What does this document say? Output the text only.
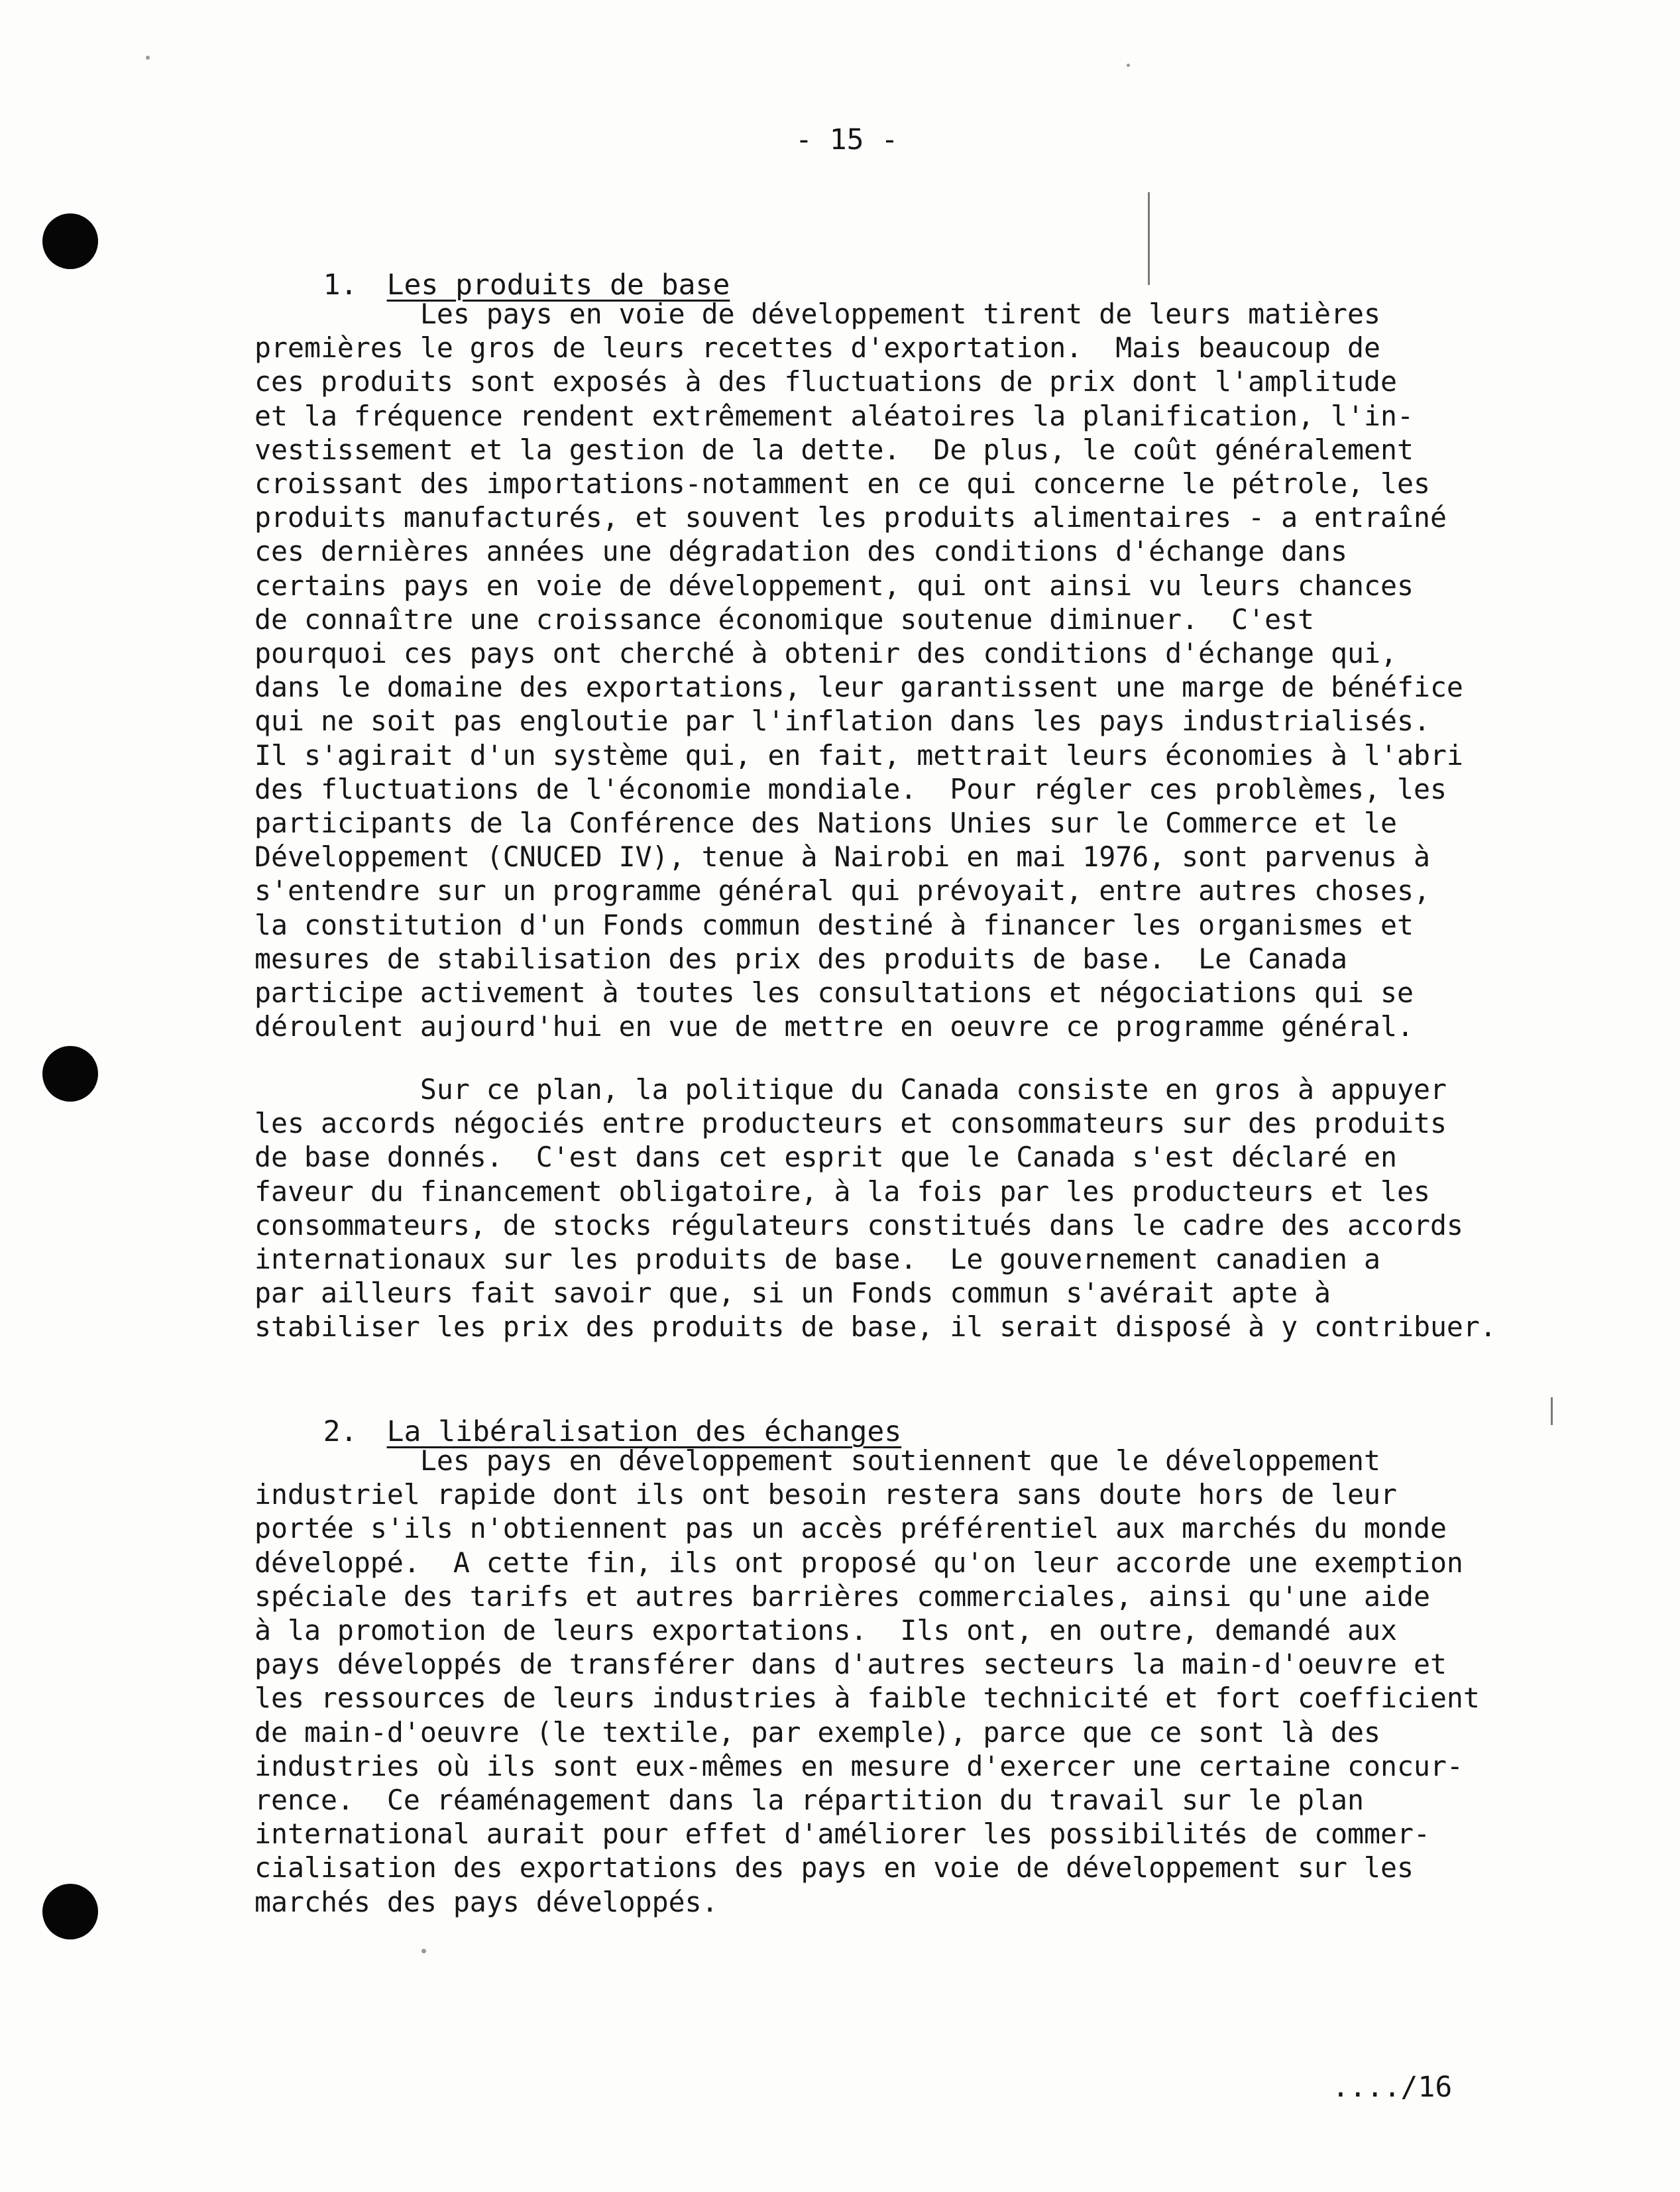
- 15 -

1. Les produits de base

Les pays en voie de développement tirent de leurs matières
premières le gros de leurs recettes d'exportation.  Mais beaucoup de
ces produits sont exposés à des fluctuations de prix dont l'amplitude
et la fréquence rendent extrêmement aléatoires la planification, l'in-
vestissement et la gestion de la dette.  De plus, le coût généralement
croissant des importations-notamment en ce qui concerne le pétrole, les
produits manufacturés, et souvent les produits alimentaires - a entraîné
ces dernières années une dégradation des conditions d'échange dans
certains pays en voie de développement, qui ont ainsi vu leurs chances
de connaître une croissance économique soutenue diminuer.  C'est
pourquoi ces pays ont cherché à obtenir des conditions d'échange qui,
dans le domaine des exportations, leur garantissent une marge de bénéfice
qui ne soit pas engloutie par l'inflation dans les pays industrialisés.
Il s'agirait d'un système qui, en fait, mettrait leurs économies à l'abri
des fluctuations de l'économie mondiale.  Pour régler ces problèmes, les
participants de la Conférence des Nations Unies sur le Commerce et le
Développement (CNUCED IV), tenue à Nairobi en mai 1976, sont parvenus à
s'entendre sur un programme général qui prévoyait, entre autres choses,
la constitution d'un Fonds commun destiné à financer les organismes et
mesures de stabilisation des prix des produits de base.  Le Canada
participe activement à toutes les consultations et négociations qui se
déroulent aujourd'hui en vue de mettre en oeuvre ce programme général.
Sur ce plan, la politique du Canada consiste en gros à appuyer
les accords négociés entre producteurs et consommateurs sur des produits
de base donnés.  C'est dans cet esprit que le Canada s'est déclaré en
faveur du financement obligatoire, à la fois par les producteurs et les
consommateurs, de stocks régulateurs constitués dans le cadre des accords
internationaux sur les produits de base.  Le gouvernement canadien a
par ailleurs fait savoir que, si un Fonds commun s'avérait apte à
stabiliser les prix des produits de base, il serait disposé à y contribuer.

2. La libéralisation des échanges

Les pays en développement soutiennent que le développement
industriel rapide dont ils ont besoin restera sans doute hors de leur
portée s'ils n'obtiennent pas un accès préférentiel aux marchés du monde
développé.  A cette fin, ils ont proposé qu'on leur accorde une exemption
spéciale des tarifs et autres barrières commerciales, ainsi qu'une aide
à la promotion de leurs exportations.  Ils ont, en outre, demandé aux
pays développés de transférer dans d'autres secteurs la main-d'oeuvre et
les ressources de leurs industries à faible technicité et fort coefficient
de main-d'oeuvre (le textile, par exemple), parce que ce sont là des
industries où ils sont eux-mêmes en mesure d'exercer une certaine concur-
rence.  Ce réaménagement dans la répartition du travail sur le plan
international aurait pour effet d'améliorer les possibilités de commer-
cialisation des exportations des pays en voie de développement sur les
marchés des pays développés.
..../16
